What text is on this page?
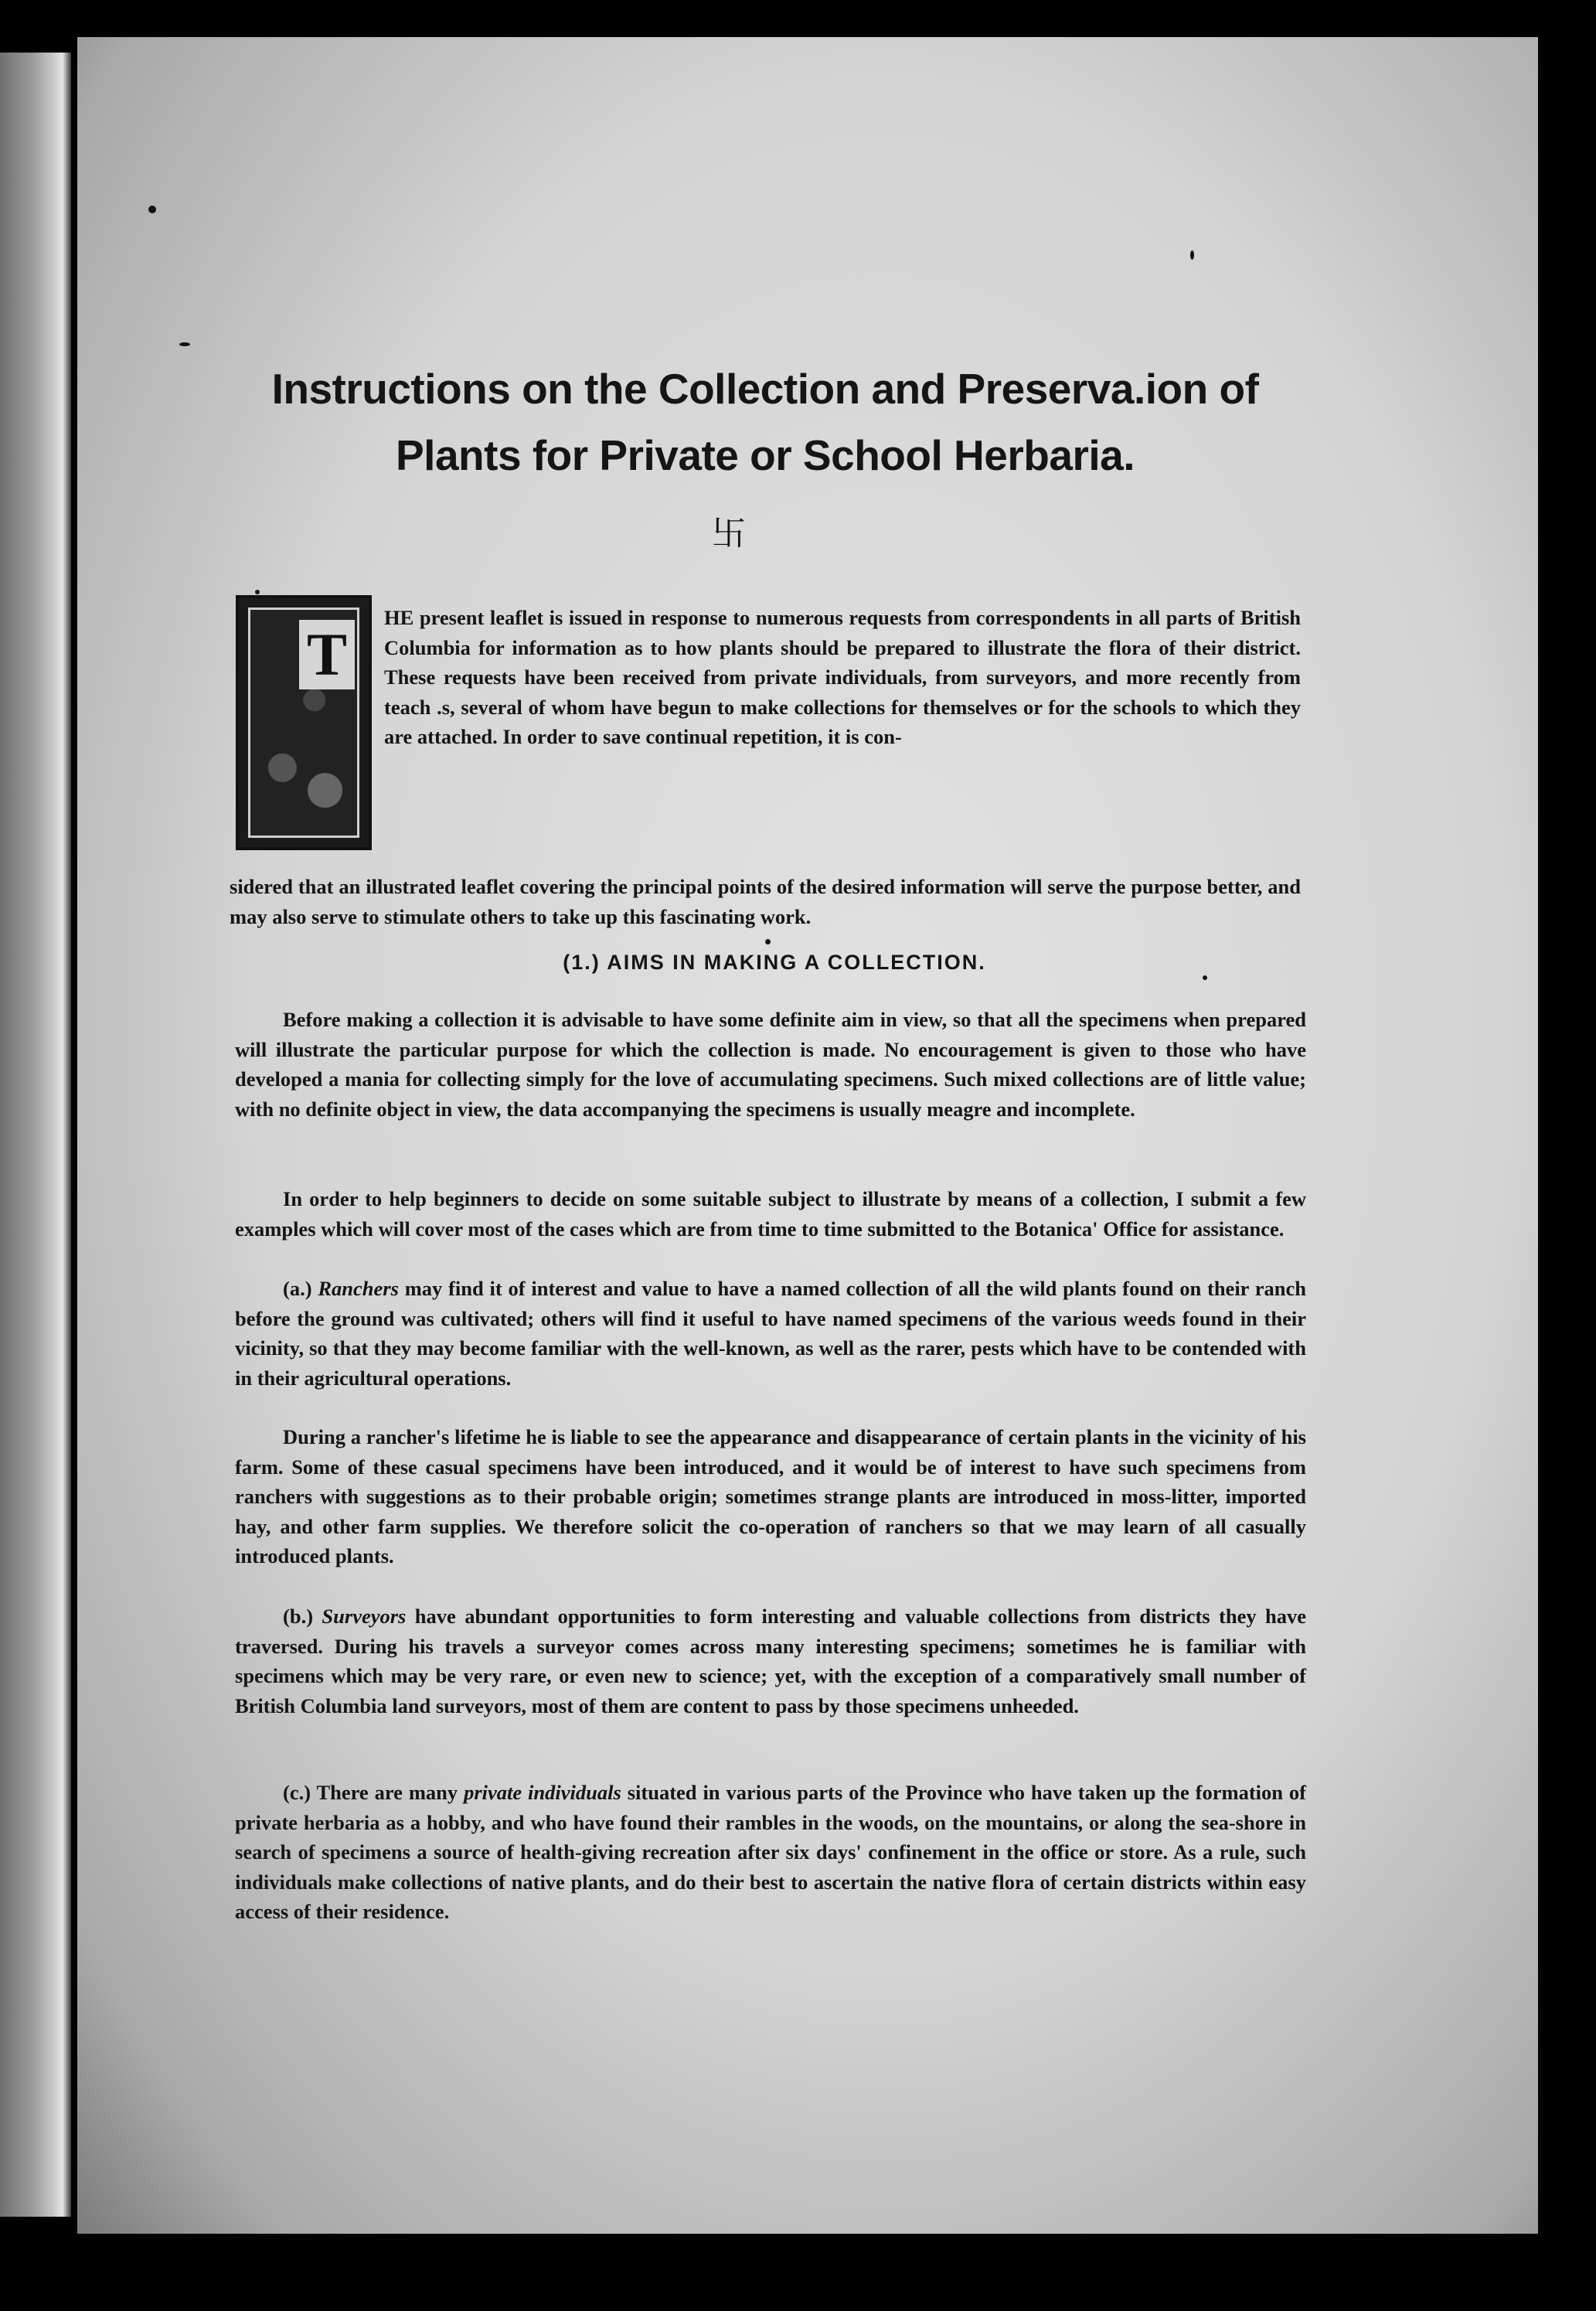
Instructions on the Collection and Preserva.ion of
Plants for Private or School Herbaria.
卐
T

HE present leaflet is issued in response to numerous requests from correspondents in all parts of British Columbia for information as to how plants should be prepared to illustrate the flora of their district. These requests have been received from private individuals, from surveyors, and more recently from teach .s, several of whom have begun to make collections for themselves or for the schools to which they are attached. In order to save continual repetition, it is con-

sidered that an illustrated leaflet covering the principal points of the desired information will serve the purpose better, and may also serve to stimulate others to take up this fascinating work.

(1.) AIMS IN MAKING A COLLECTION.

Before making a collection it is advisable to have some definite aim in view, so that all the specimens when prepared will illustrate the particular purpose for which the collection is made. No encouragement is given to those who have developed a mania for collecting simply for the love of accumulating specimens. Such mixed collections are of little value; with no definite object in view, the data accompanying the specimens is usually meagre and incomplete.

In order to help beginners to decide on some suitable subject to illustrate by means of a collection, I submit a few examples which will cover most of the cases which are from time to time submitted to the Botanica' Office for assistance.

(a.) Ranchers may find it of interest and value to have a named collection of all the wild plants found on their ranch before the ground was cultivated; others will find it useful to have named specimens of the various weeds found in their vicinity, so that they may become familiar with the well-known, as well as the rarer, pests which have to be contended with in their agricultural operations.

During a rancher's lifetime he is liable to see the appearance and disappearance of certain plants in the vicinity of his farm. Some of these casual specimens have been introduced, and it would be of interest to have such specimens from ranchers with suggestions as to their probable origin; sometimes strange plants are introduced in moss-litter, imported hay, and other farm supplies. We therefore solicit the co-operation of ranchers so that we may learn of all casually introduced plants.

(b.) Surveyors have abundant opportunities to form interesting and valuable collections from districts they have traversed. During his travels a surveyor comes across many interesting specimens; sometimes he is familiar with specimens which may be very rare, or even new to science; yet, with the exception of a comparatively small number of British Columbia land surveyors, most of them are content to pass by those specimens unheeded.

(c.) There are many private individuals situated in various parts of the Province who have taken up the formation of private herbaria as a hobby, and who have found their rambles in the woods, on the mountains, or along the sea-shore in search of specimens a source of health-giving recreation after six days' confinement in the office or store. As a rule, such individuals make collections of native plants, and do their best to ascertain the native flora of certain districts within easy access of their residence.
